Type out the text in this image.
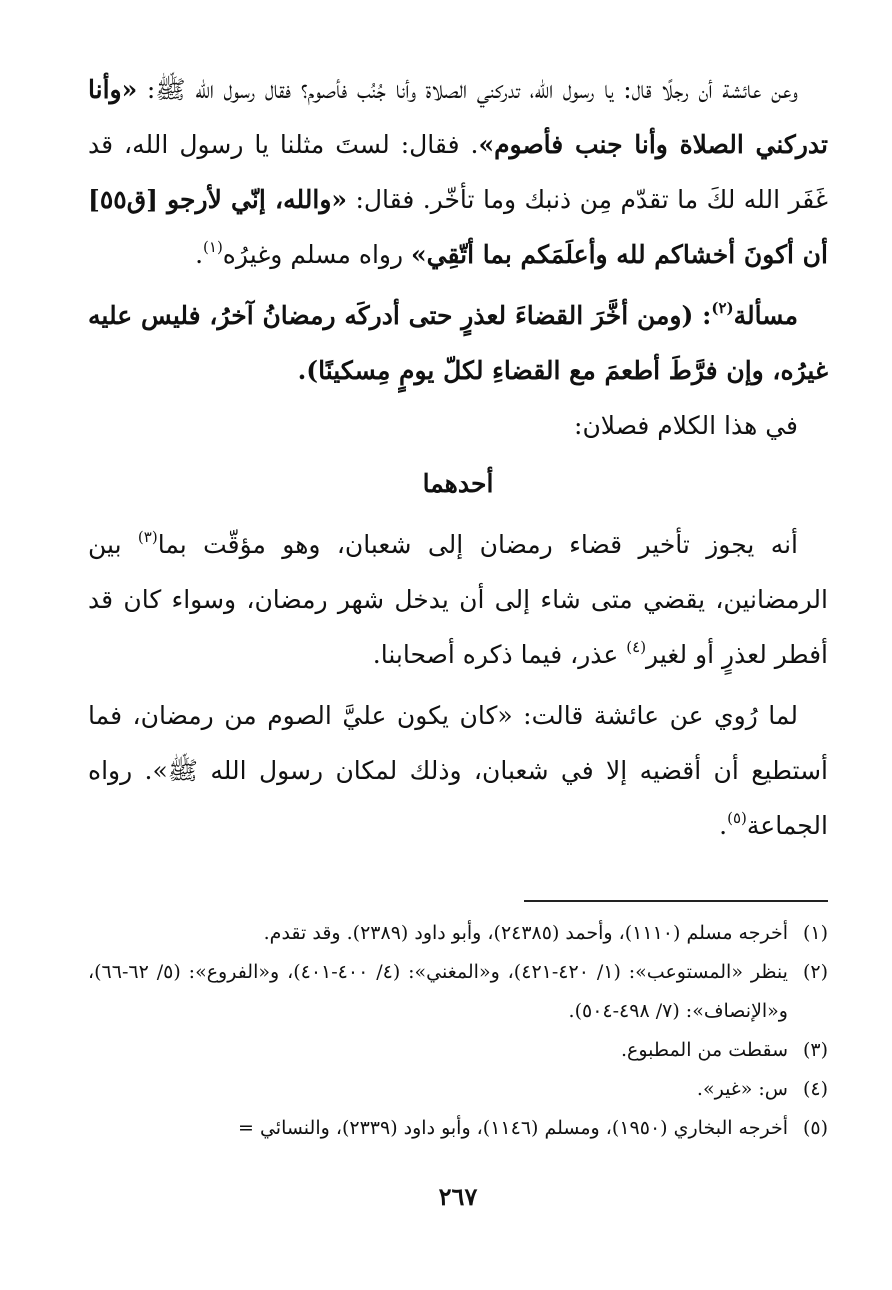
وعن عائشة أن رجلًا قال: يا رسول الله، تدركني الصلاة وأنا جُنُب فأصوم؟ فقال رسول الله ﷺ: «وأنا تدركني الصلاة وأنا جنب فأصوم». فقال: لستَ مثلنا يا رسول الله، قد غَفَر الله لكَ ما تقدّم مِن ذنبك وما تأخّر. فقال: «والله، إنّي لأرجو [ق٥٥] أن أكونَ أخشاكم لله وأعلَمَكم بما أتّقِي» رواه مسلم وغيرُه$^{(١)}$.

مسألة$^{(٢)}$: (ومن أخَّرَ القضاءَ لعذرٍ حتى أدركَه رمضانُ آخرُ، فليس عليه غيرُه، وإن فرَّطَ أطعمَ مع القضاءِ لكلّ يومٍ مِسكينًا).

في هذا الكلام فصلان:

أحدهما

أنه يجوز تأخير قضاء رمضان إلى شعبان، وهو مؤقّت بما$^{(٣)}$ بين الرمضانين، يقضي متى شاء إلى أن يدخل شهر رمضان، وسواء كان قد أفطر لعذرٍ أو لغير$^{(٤)}$ عذر، فيما ذكره أصحابنا.

لما رُوي عن عائشة قالت: «كان يكون عليَّ الصوم من رمضان، فما أستطيع أن أقضيه إلا في شعبان، وذلك لمكان رسول الله ﷺ». رواه الجماعة$^{(٥)}$.

(١)
أخرجه مسلم (١١١٠)، وأحمد (٢٤٣٨٥)، وأبو داود (٢٣٨٩). وقد تقدم.
(٢)
ينظر «المستوعب»: (١/ ٤٢٠-٤٢١)، و«المغني»: (٤/ ٤٠٠-٤٠١)، و«الفروع»: (٥/ ٦٢-٦٦)، و«الإنصاف»: (٧/ ٤٩٨-٥٠٤).
(٣)
سقطت من المطبوع.
(٤)
س: «غير».
(٥)
أخرجه البخاري (١٩٥٠)، ومسلم (١١٤٦)، وأبو داود (٢٣٣٩)، والنسائي =
٢٦٧
